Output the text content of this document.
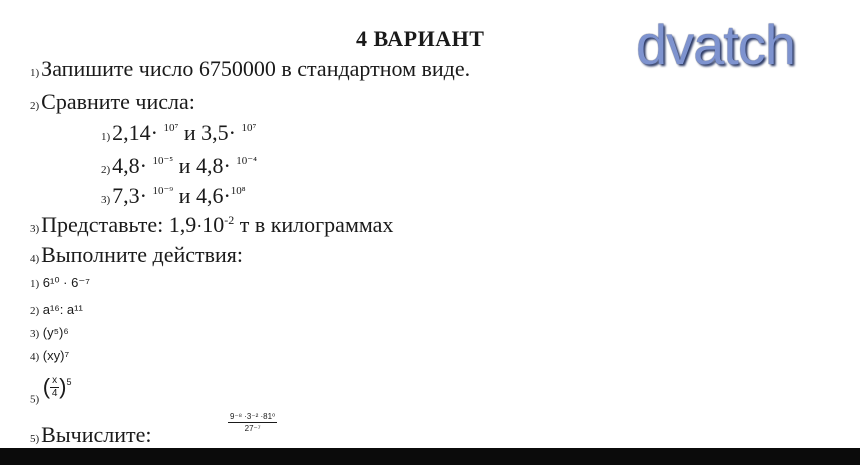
4 ВАРИАНТ	dvatch
1)Запишите число 6750000 в стандартном виде.
2)Сравните числа:
1)2,14· $^{10^7}$ и 3,5· $^{10^7}$
2)4,8· $^{10^{-5}}$ и 4,8· $^{10^{-4}}$
3)7,3· $^{10^{-9}}$ и 4,6·$^{10^8}$
3)Представьте: $1,9\cdot 10^{-2}$ т в килограммах
4)Выполните действия:
1) 6¹⁰ · 6⁻⁷
2) a¹⁶: a¹¹
3) (y⁵)⁶
4) (xy)⁷
$_{5)}$ ( $\frac{x}{4} )^5$
5)Вычислите:	$\frac{\text{9⁻⁸ ·3⁻² ·81⁰}}{\text{27⁻⁷}}$
